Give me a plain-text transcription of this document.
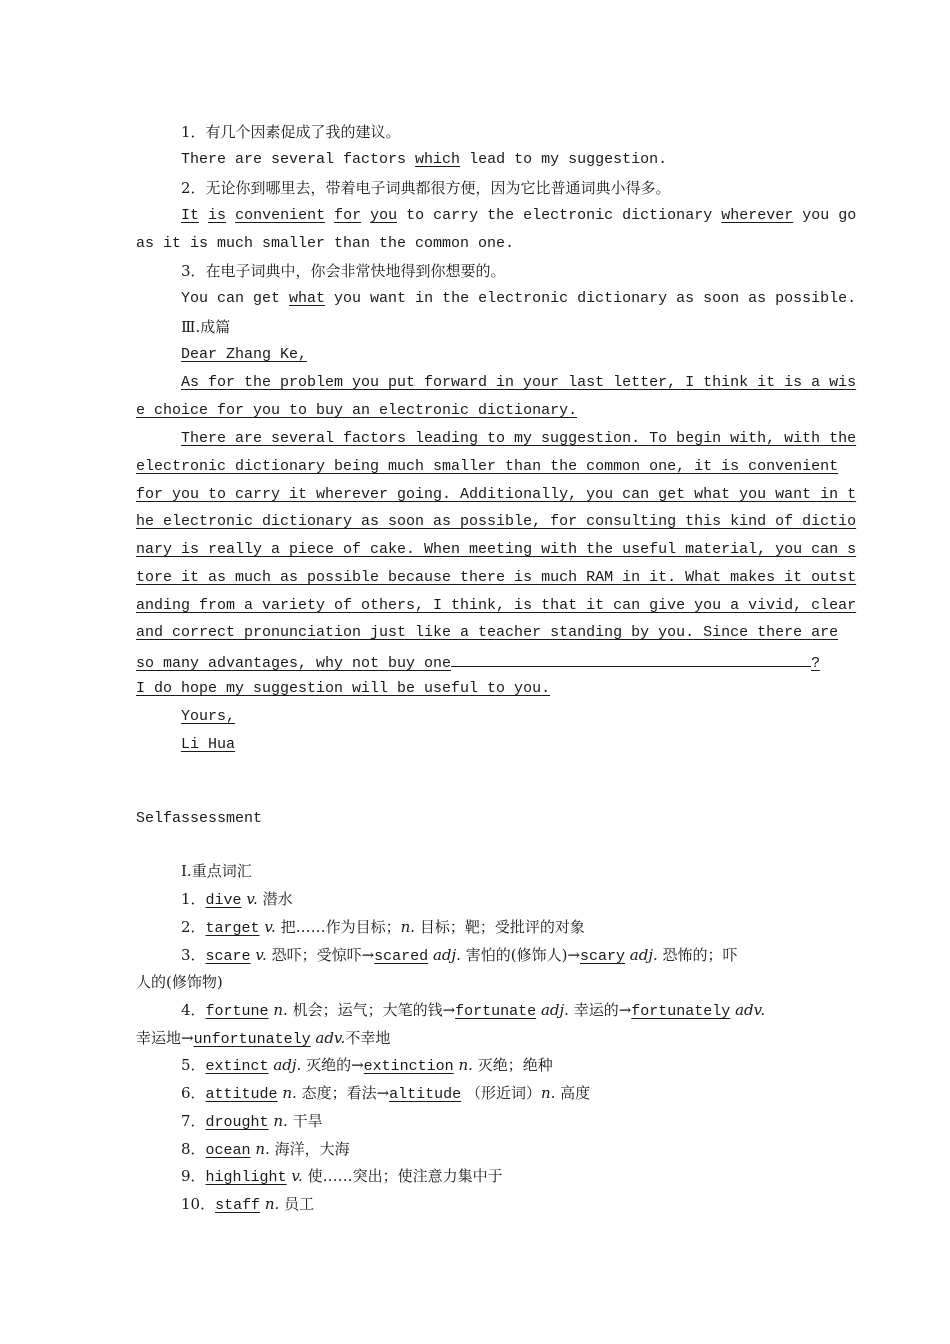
1．有几个因素促成了我的建议。
There are several factors which lead to my suggestion.
2．无论你到哪里去，带着电子词典都很方便，因为它比普通词典小得多。
It is convenient for you to carry the electronic dictionary wherever you go
as it is much smaller than the common one.
3．在电子词典中，你会非常快地得到你想要的。
You can get what you want in the electronic dictionary as soon as possible.
Ⅲ.成篇
Dear Zhang Ke,
As for the problem you put forward in your last letter, I think it is a wis
e choice for you to buy an electronic dictionary.
There are several factors leading to my suggestion. To begin with, with the
electronic dictionary being much smaller than the common one, it is convenient
for you to carry it wherever going. Additionally, you can get what you want in t
he electronic dictionary as soon as possible, for consulting this kind of dictio
nary is really a piece of cake. When meeting with the useful material, you can s
tore it as much as possible because there is much RAM in it. What makes it outst
anding from a variety of others, I think, is that it can give you a vivid, clear
and correct pronunciation just like a teacher standing by you. Since there are
so many advantages, why not buy one	?
I do hope my suggestion will be useful to you.
Yours,
Li Hua
Selfassessment
Ⅰ.重点词汇
1．dive v. 潜水
2．target v. 把……作为目标；n. 目标；靶；受批评的对象
3．scare v. 恐吓；受惊吓→scared adj. 害怕的(修饰人)→scary adj. 恐怖的；吓
人的(修饰物)
4．fortune n. 机会；运气；大笔的钱→fortunate adj. 幸运的→fortunately adv.
幸运地→unfortunately adv.不幸地
5．extinct adj. 灭绝的→extinction n. 灭绝；绝种
6．attitude n. 态度；看法→altitude （形近词）n. 高度
7．drought n. 干旱
8．ocean n. 海洋，大海
9．highlight v. 使……突出；使注意力集中于
10．staff n. 员工
